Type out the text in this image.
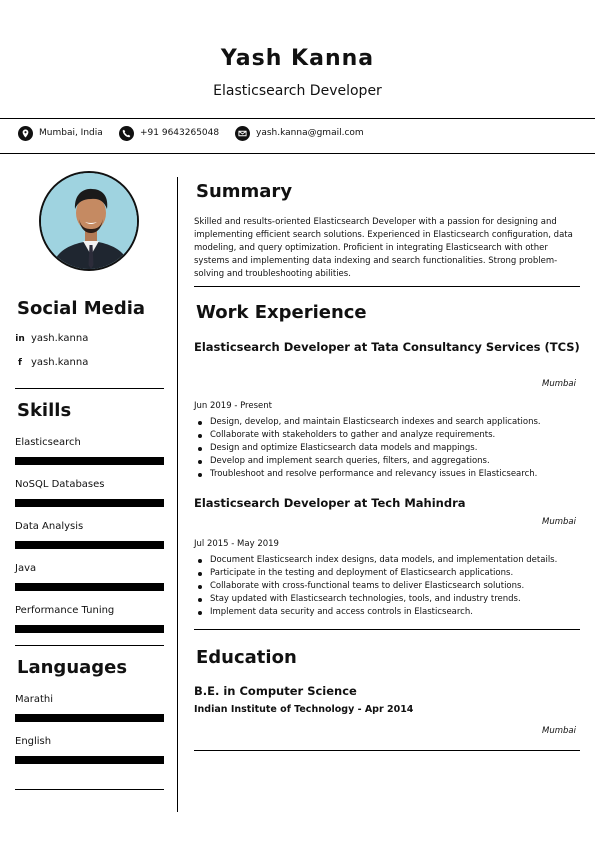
Yash Kanna
Elasticsearch Developer
Mumbai, India	+91 9643265048	yash.kanna@gmail.com
Social Media
in yash.kanna
f yash.kanna
Skills
Elasticsearch
NoSQL Databases
Data Analysis
Java
Performance Tuning
Languages
Marathi
English
Summary
Skilled and results-oriented Elasticsearch Developer with a passion for designing and implementing efficient search solutions. Experienced in Elasticsearch configuration, data modeling, and query optimization. Proficient in integrating Elasticsearch with other systems and implementing data indexing and search functionalities. Strong problem-solving and troubleshooting abilities.
Work Experience
Elasticsearch Developer at Tata Consultancy Services (TCS)
Mumbai
Jun 2019 - Present
Design, develop, and maintain Elasticsearch indexes and search applications.
Collaborate with stakeholders to gather and analyze requirements.
Design and optimize Elasticsearch data models and mappings.
Develop and implement search queries, filters, and aggregations.
Troubleshoot and resolve performance and relevancy issues in Elasticsearch.
Elasticsearch Developer at Tech Mahindra
Mumbai
Jul 2015 - May 2019
Document Elasticsearch index designs, data models, and implementation details.
Participate in the testing and deployment of Elasticsearch applications.
Collaborate with cross-functional teams to deliver Elasticsearch solutions.
Stay updated with Elasticsearch technologies, tools, and industry trends.
Implement data security and access controls in Elasticsearch.
Education
B.E. in Computer Science
Indian Institute of Technology - Apr 2014
Mumbai
